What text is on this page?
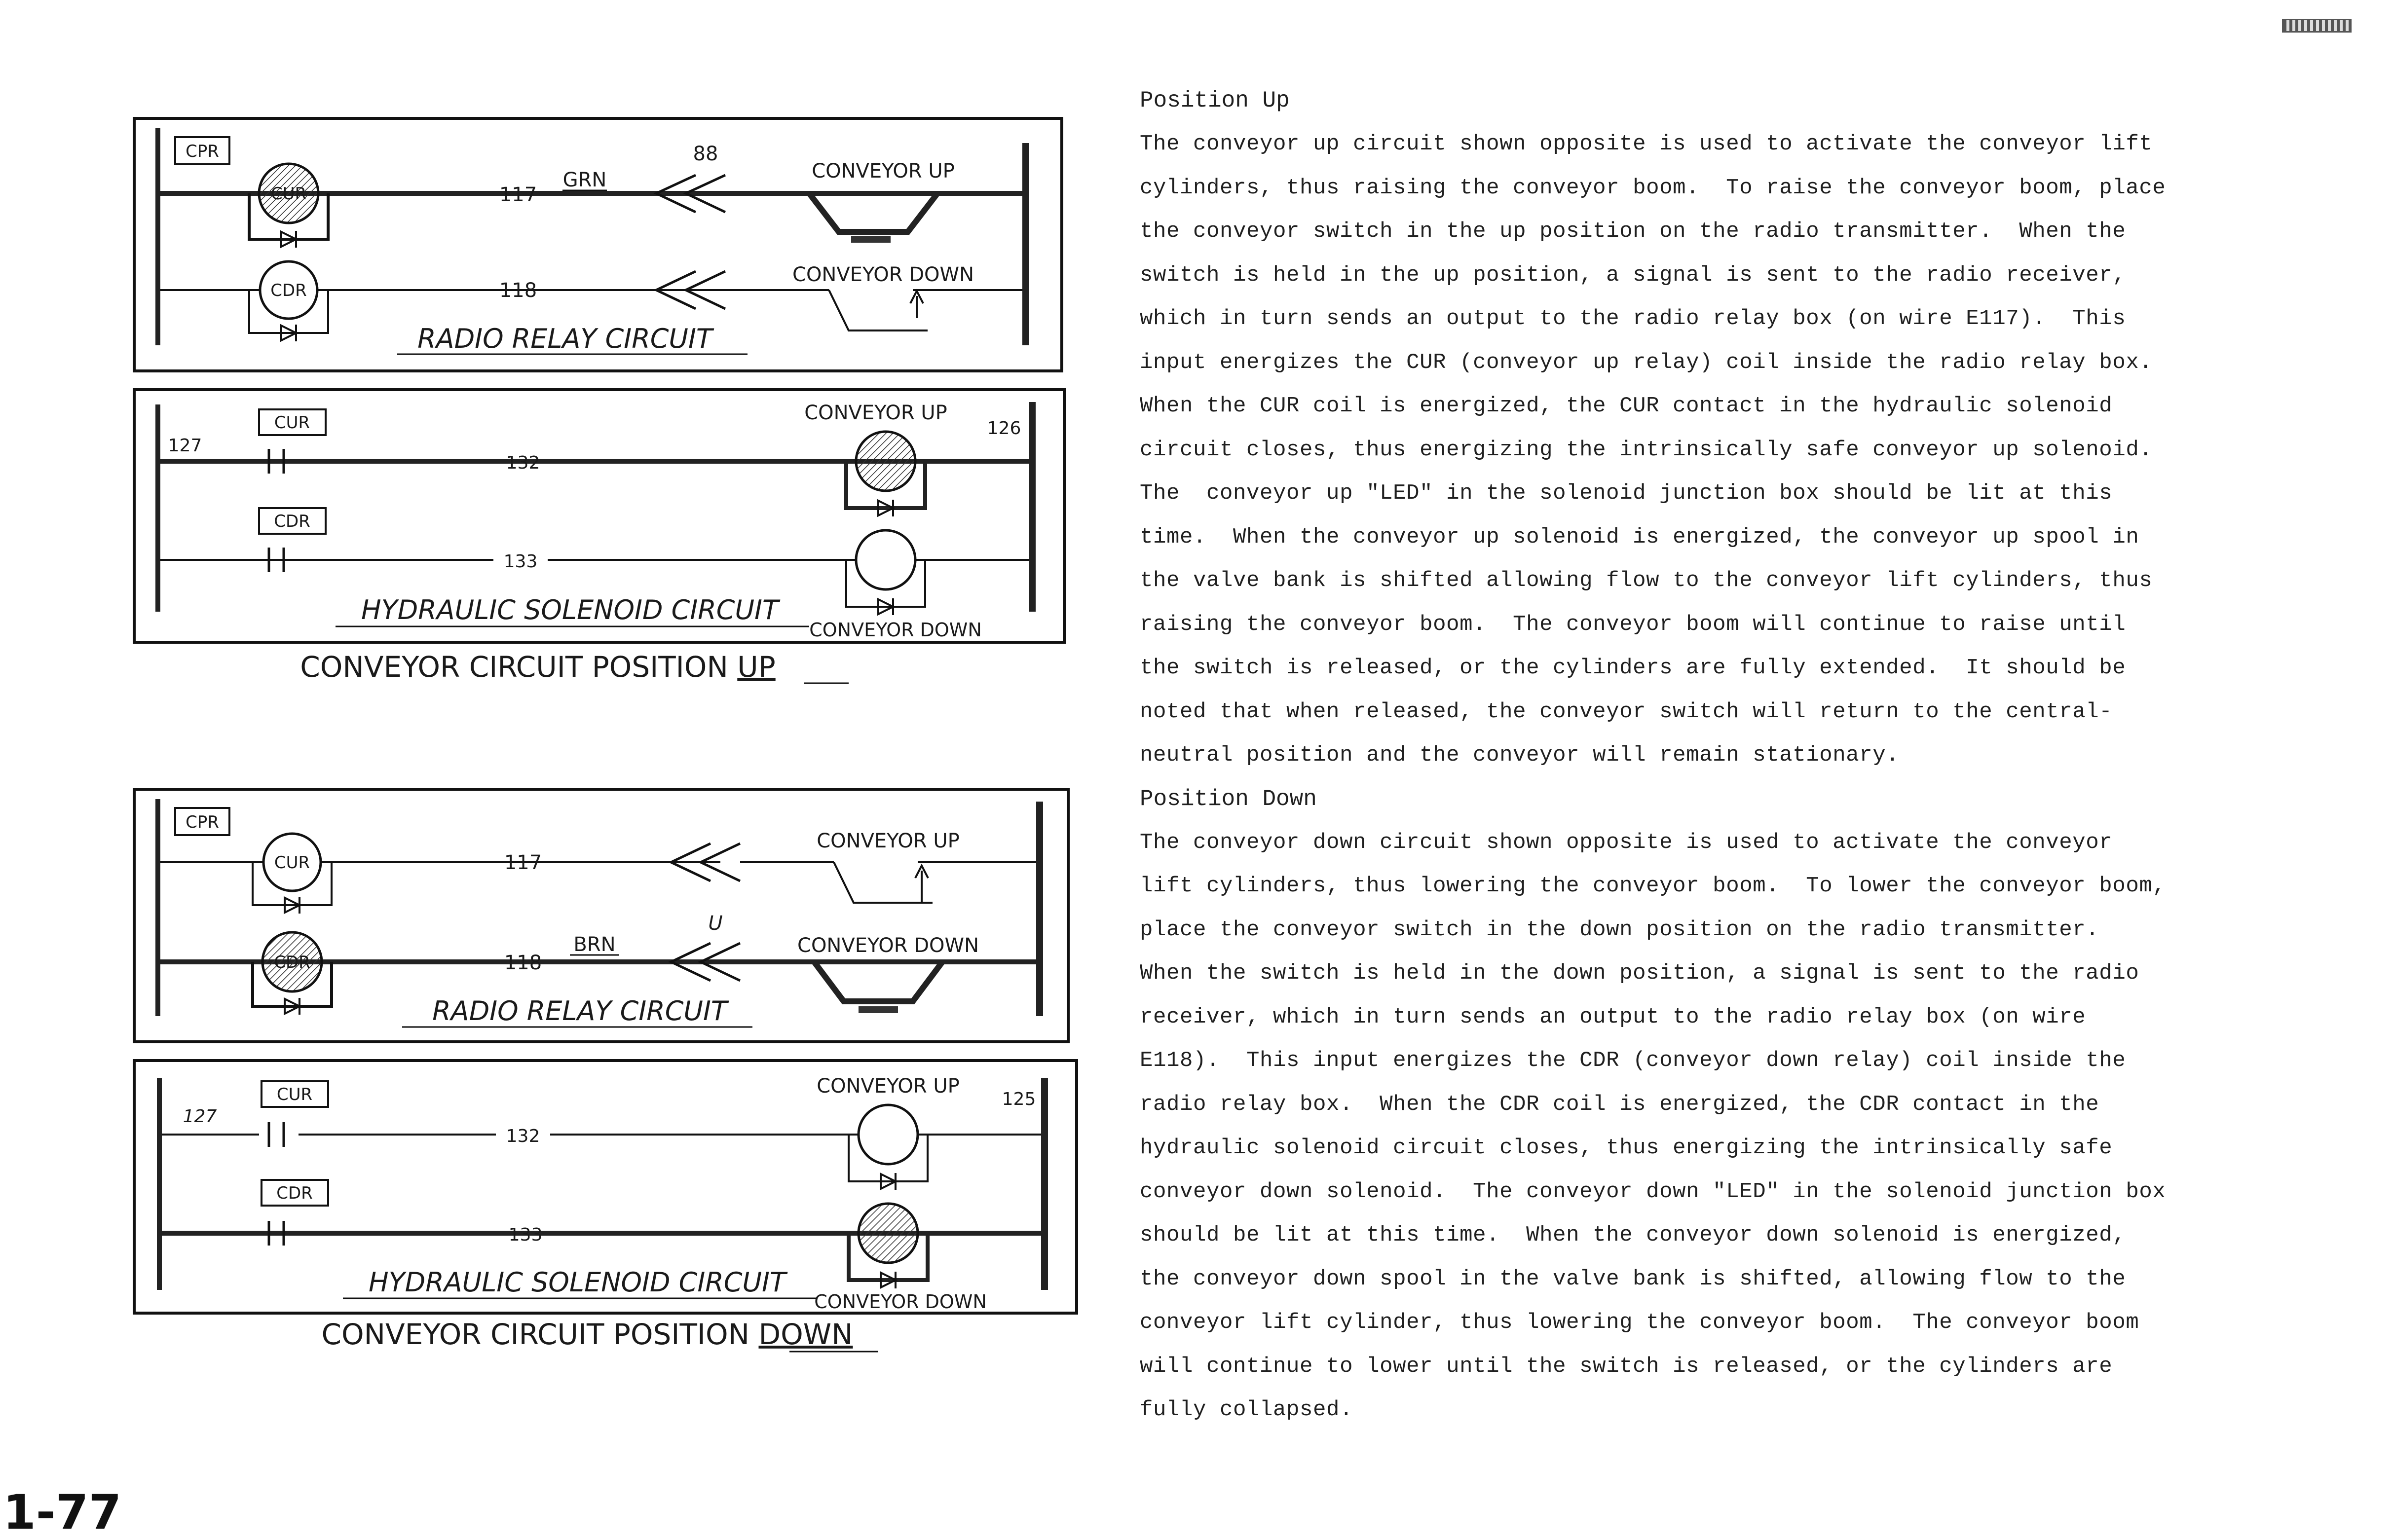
CPR
CUR	117
GRN
88
CONVEYOR UP
CDR	118
CONVEYOR DOWN
RADIO RELAY CIRCUIT
127
126
CUR
132
CONVEYOR UP
CDR
133
CONVEYOR DOWN
HYDRAULIC SOLENOID CIRCUIT
CONVEYOR CIRCUIT POSITION UP
CPR
CUR	117
CONVEYOR UP
U
CDR	118
BRN	CONVEYOR DOWN
RADIO RELAY CIRCUIT
127
125
CUR
132
CONVEYOR UP
CDR
133
CONVEYOR DOWN
HYDRAULIC SOLENOID CIRCUIT
CONVEYOR CIRCUIT POSITION DOWN
Position Up
The conveyor up circuit shown opposite is used to activate the conveyor lift
cylinders, thus raising the conveyor boom.  To raise the conveyor boom, place
the conveyor switch in the up position on the radio transmitter.  When the
switch is held in the up position, a signal is sent to the radio receiver,
which in turn sends an output to the radio relay box (on wire E117).  This
input energizes the CUR (conveyor up relay) coil inside the radio relay box.
When the CUR coil is energized, the CUR contact in the hydraulic solenoid
circuit closes, thus energizing the intrinsically safe conveyor up solenoid.
The  conveyor up "LED" in the solenoid junction box should be lit at this
time.  When the conveyor up solenoid is energized, the conveyor up spool in
the valve bank is shifted allowing flow to the conveyor lift cylinders, thus
raising the conveyor boom.  The conveyor boom will continue to raise until
the switch is released, or the cylinders are fully extended.  It should be
noted that when released, the conveyor switch will return to the central-
neutral position and the conveyor will remain stationary.
Position Down
The conveyor down circuit shown opposite is used to activate the conveyor
lift cylinders, thus lowering the conveyor boom.  To lower the conveyor boom,
place the conveyor switch in the down position on the radio transmitter.
When the switch is held in the down position, a signal is sent to the radio
receiver, which in turn sends an output to the radio relay box (on wire
E118).  This input energizes the CDR (conveyor down relay) coil inside the
radio relay box.  When the CDR coil is energized, the CDR contact in the
hydraulic solenoid circuit closes, thus energizing the intrinsically safe
conveyor down solenoid.  The conveyor down "LED" in the solenoid junction box
should be lit at this time.  When the conveyor down solenoid is energized,
the conveyor down spool in the valve bank is shifted, allowing flow to the
conveyor lift cylinder, thus lowering the conveyor boom.  The conveyor boom
will continue to lower until the switch is released, or the cylinders are
fully collapsed.
1-77
